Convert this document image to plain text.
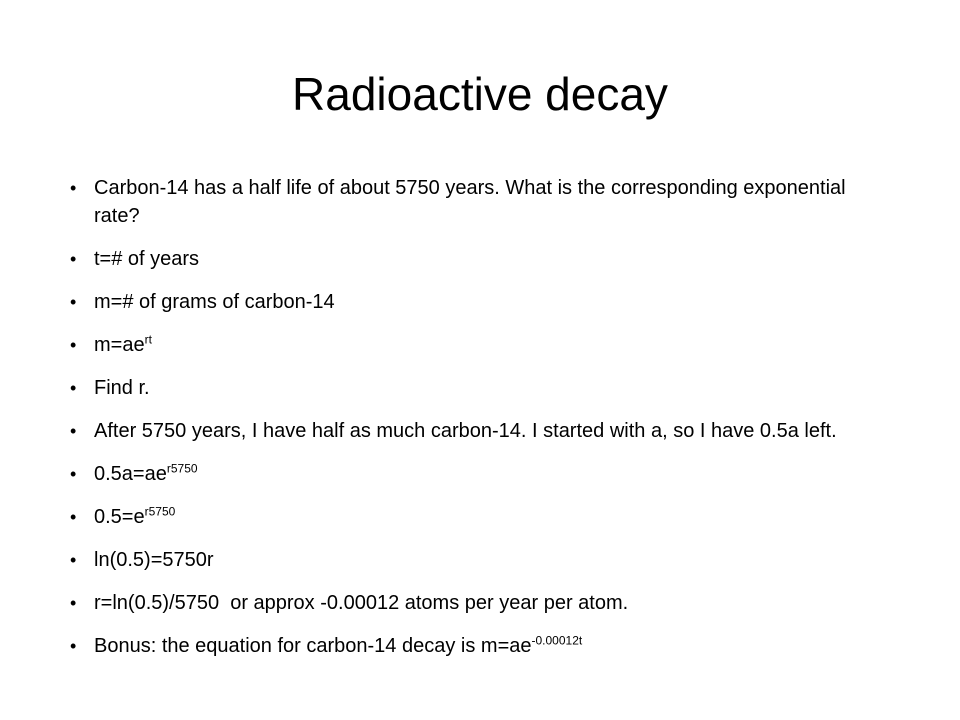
Radioactive decay
• Carbon-14 has a half life of about 5750 years. What is the corresponding exponential rate?
• t=# of years
• m=# of grams of carbon-14
• $m=ae^{rt}$
• Find r.
• After 5750 years, I have half as much carbon-14. I started with a, so I have 0.5a left.
• $0.5a=ae^{r5750}$
• $0.5=e^{r5750}$
• ln(0.5)=5750r
• r=ln(0.5)/5750  or approx -0.00012 atoms per year per atom.
• Bonus: the equation for carbon-14 decay is $m=ae^{-0.00012t}$
